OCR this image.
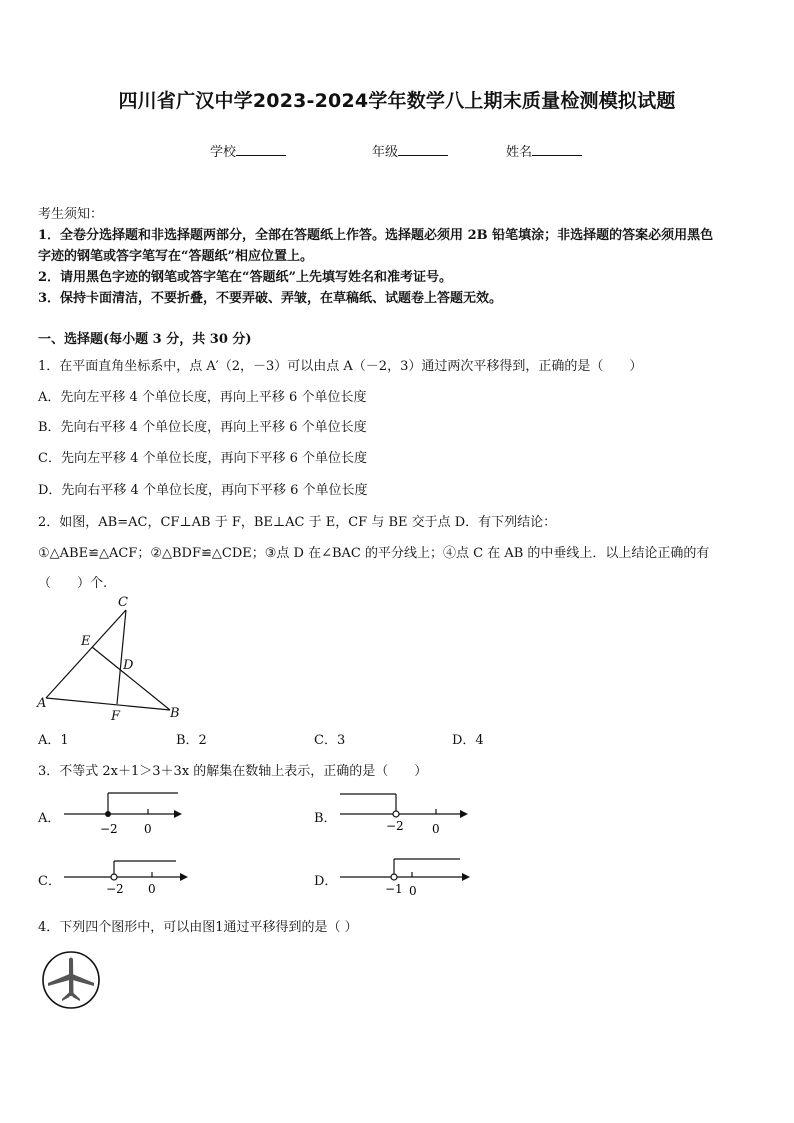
四川省广汉中学2023-2024学年数学八上期末质量检测模拟试题
学校	年级	姓名
考生须知：
1．全卷分选择题和非选择题两部分，全部在答题纸上作答。选择题必须用 2B 铅笔填涂；非选择题的答案必须用黑色
字迹的钢笔或答字笔写在“答题纸”相应位置上。
2．请用黑色字迹的钢笔或答字笔在“答题纸”上先填写姓名和准考证号。
3．保持卡面清洁，不要折叠，不要弄破、弄皱，在草稿纸、试题卷上答题无效。
一、选择题(每小题 3 分，共 30 分)
1．在平面直角坐标系中，点 A′（2，－3）可以由点 A（－2，3）通过两次平移得到，正确的是（　　）
A．先向左平移 4 个单位长度，再向上平移 6 个单位长度
B．先向右平移 4 个单位长度，再向上平移 6 个单位长度
C．先向左平移 4 个单位长度，再向下平移 6 个单位长度
D．先向右平移 4 个单位长度，再向下平移 6 个单位长度
2．如图，AB=AC，CF⊥AB 于 F，BE⊥AC 于 E，CF 与 BE 交于点 D．有下列结论：
①△ABE≌△ACF；②△BDF≌△CDE；③点 D 在∠BAC 的平分线上；④点 C 在 AB 的中垂线上．以上结论正确的有
（　　）个.
A
B
C
D
E
F
A．1	B．2	C．3	D．4
3．不等式 2x＋1＞3＋3x 的解集在数轴上表示，正确的是（　　）
A．
−2 0
B．	−2 0
C．	−2 0	D．	−1 0
4．下列四个图形中，可以由图1通过平移得到的是（ ）
